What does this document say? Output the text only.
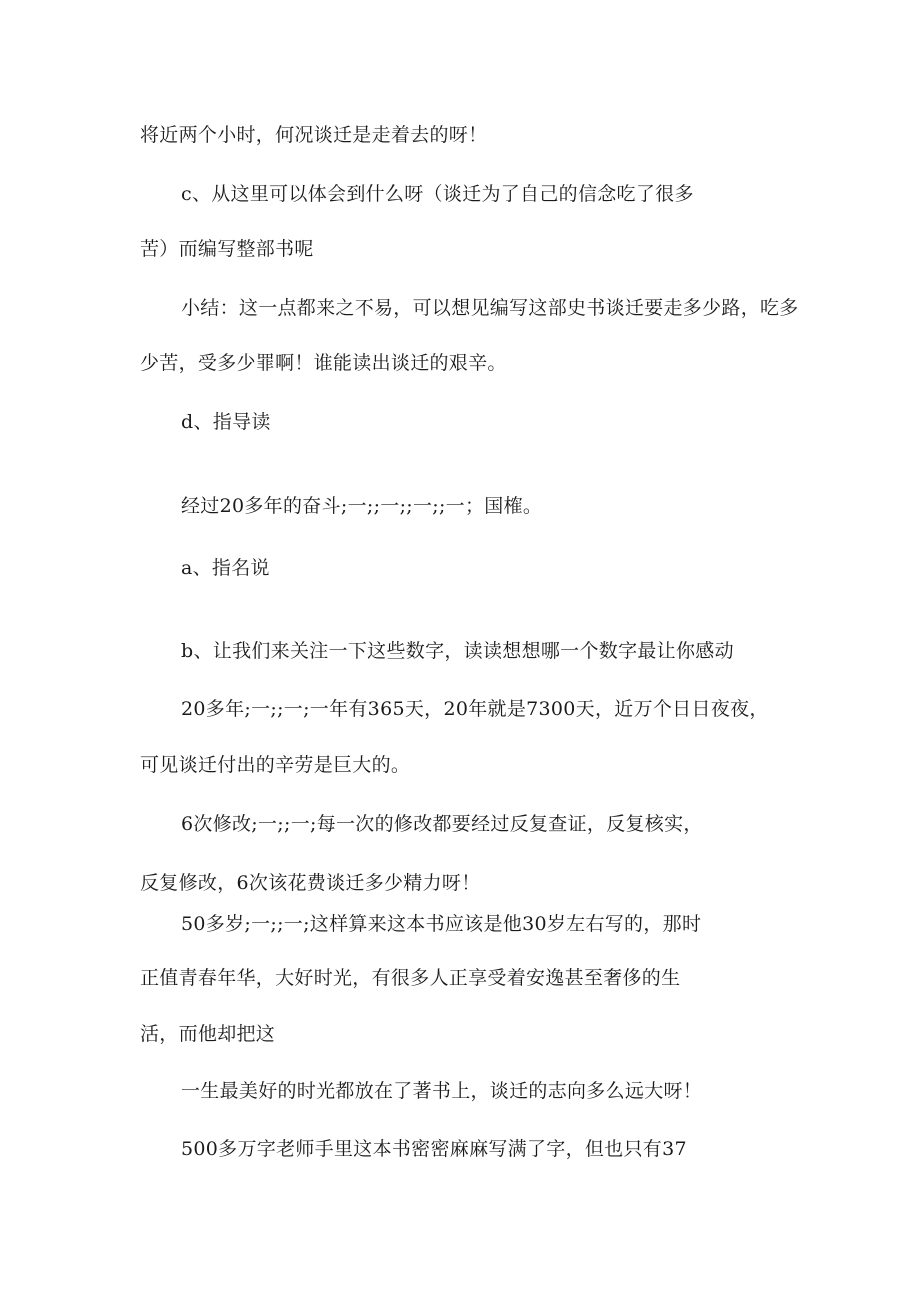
将近两个小时，何况谈迁是走着去的呀！

c、从这里可以体会到什么呀（谈迁为了自己的信念吃了很多

苦）而编写整部书呢

小结：这一点都来之不易，可以想见编写这部史书谈迁要走多少路，吃多

少苦，受多少罪啊！谁能读出谈迁的艰辛。

d、指导读

经过20多年的奋斗;一;;一;;一;;一；国榷。

a、指名说

b、让我们来关注一下这些数字，读读想想哪一个数字最让你感动

20多年;一;;一;一年有365天，20年就是7300天，近万个日日夜夜，

可见谈迁付出的辛劳是巨大的。

6次修改;一;;一;每一次的修改都要经过反复查证，反复核实，

反复修改，6次该花费谈迁多少精力呀！

50多岁;一;;一;这样算来这本书应该是他30岁左右写的，那时

正值青春年华，大好时光，有很多人正享受着安逸甚至奢侈的生

活，而他却把这

一生最美好的时光都放在了著书上，谈迁的志向多么远大呀！

500多万字老师手里这本书密密麻麻写满了字，但也只有37
